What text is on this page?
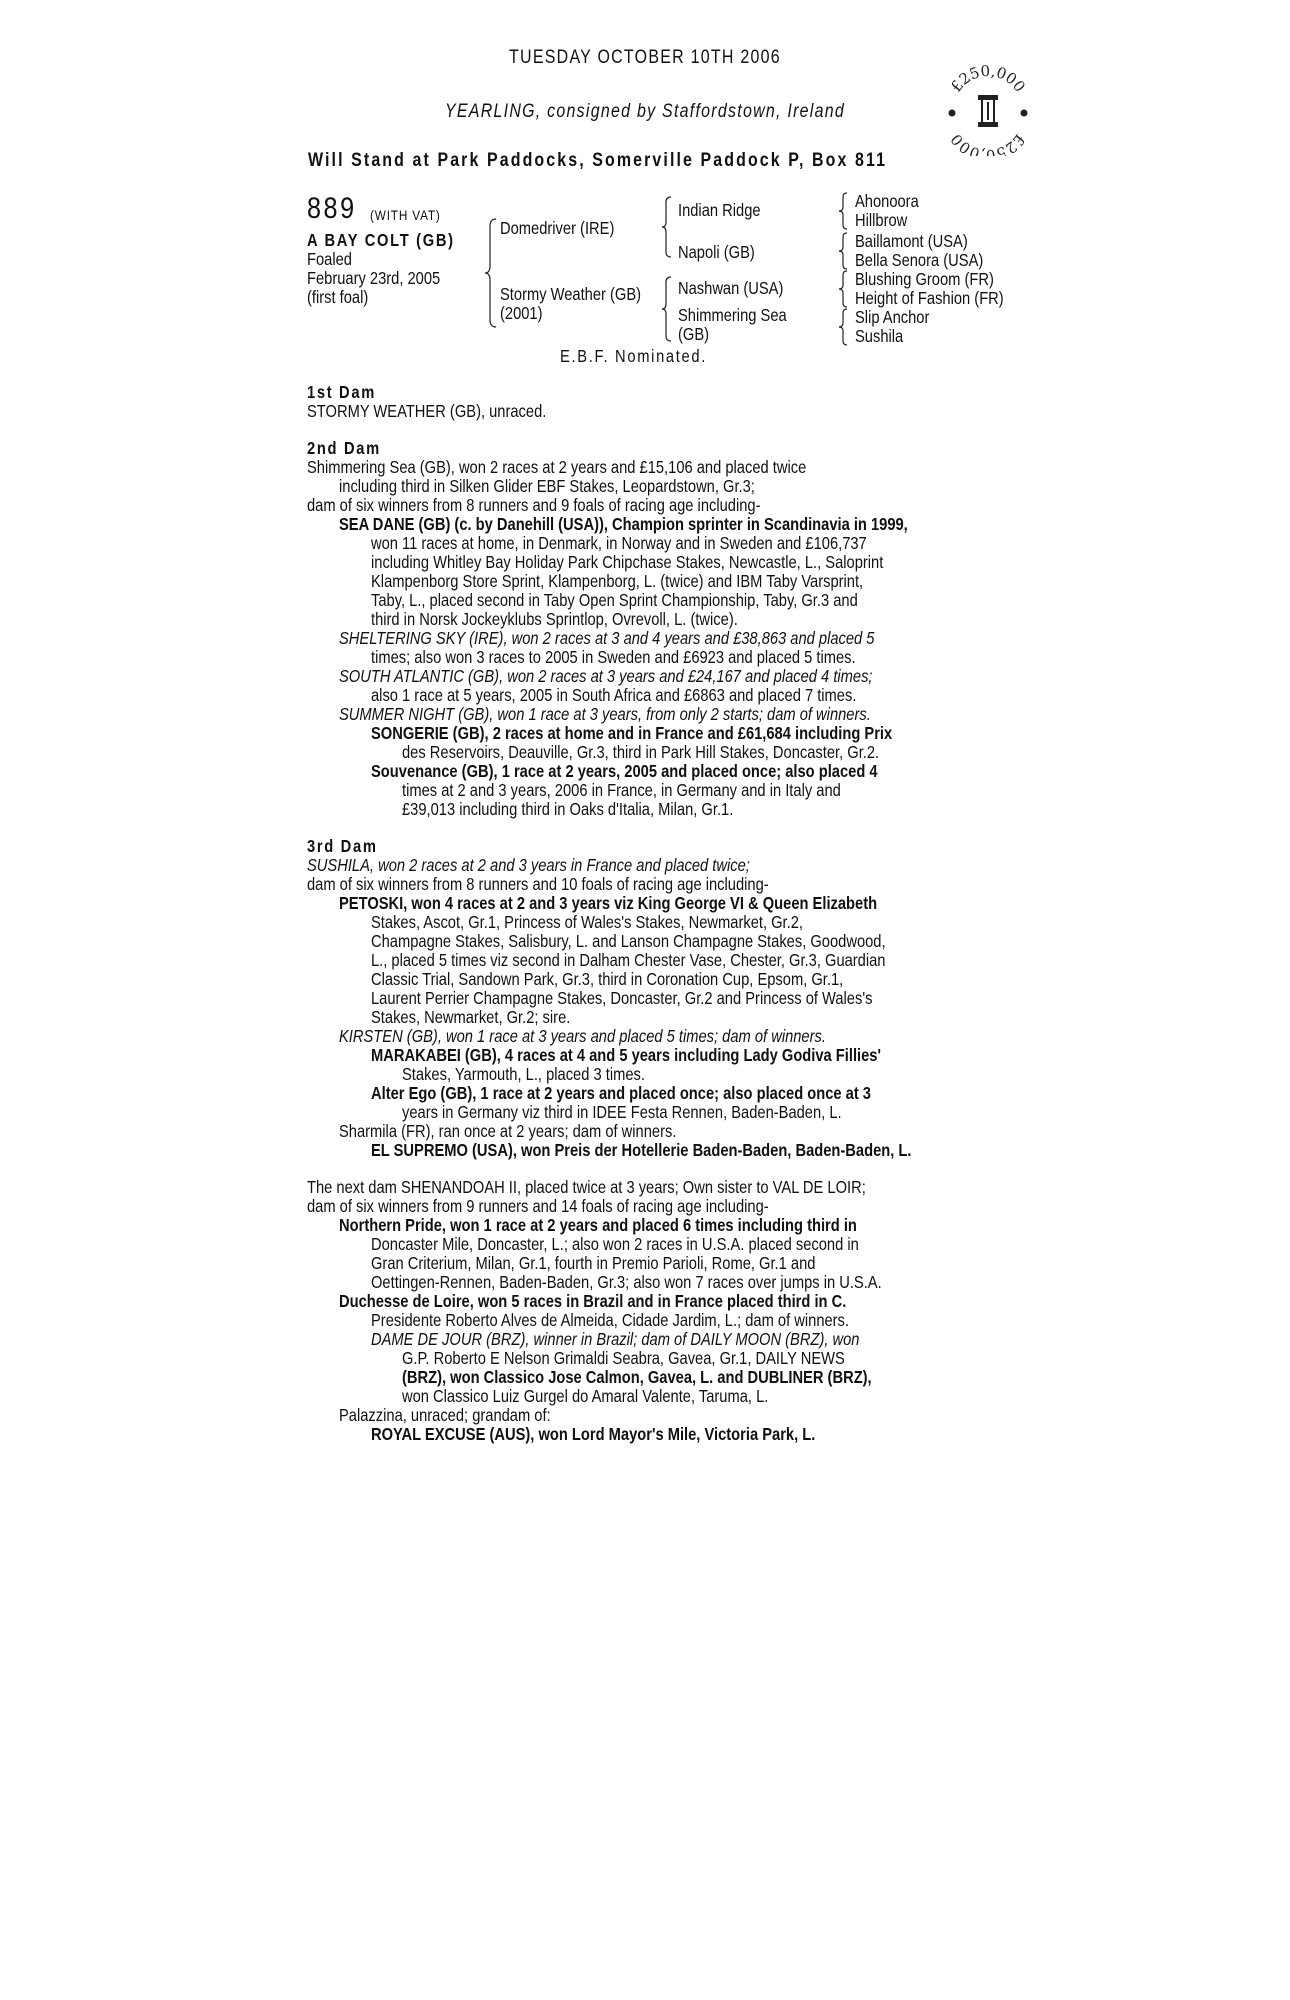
TUESDAY OCTOBER 10TH 2006
YEARLING, consigned by Staffordstown, Ireland
Will Stand at Park Paddocks, Somerville Paddock P, Box 811
£250,000
£250,000
889 (WITH VAT)
A BAY COLT (GB)
Foaled
February 23rd, 2005
(first foal)
Domedriver (IRE)
Stormy Weather (GB)
(2001)
Indian Ridge
Napoli (GB)
Nashwan (USA)
Shimmering Sea
(GB)
Ahonoora
Hillbrow
Baillamont (USA)
Bella Senora (USA)
Blushing Groom (FR)
Height of Fashion (FR)
Slip Anchor
Sushila
E.B.F. Nominated.
1st Dam
STORMY WEATHER (GB), unraced.
2nd Dam
Shimmering Sea (GB), won 2 races at 2 years and £15,106 and placed twice
including third in Silken Glider EBF Stakes, Leopardstown, Gr.3;
dam of six winners from 8 runners and 9 foals of racing age including-
SEA DANE (GB) (c. by Danehill (USA)), Champion sprinter in Scandinavia in 1999,
won 11 races at home, in Denmark, in Norway and in Sweden and £106,737
including Whitley Bay Holiday Park Chipchase Stakes, Newcastle, L., Saloprint
Klampenborg Store Sprint, Klampenborg, L. (twice) and IBM Taby Varsprint,
Taby, L., placed second in Taby Open Sprint Championship, Taby, Gr.3 and
third in Norsk Jockeyklubs Sprintlop, Ovrevoll, L. (twice).
SHELTERING SKY (IRE), won 2 races at 3 and 4 years and £38,863 and placed 5
times; also won 3 races to 2005 in Sweden and £6923 and placed 5 times.
SOUTH ATLANTIC (GB), won 2 races at 3 years and £24,167 and placed 4 times;
also 1 race at 5 years, 2005 in South Africa and £6863 and placed 7 times.
SUMMER NIGHT (GB), won 1 race at 3 years, from only 2 starts; dam of winners.
SONGERIE (GB), 2 races at home and in France and £61,684 including Prix
des Reservoirs, Deauville, Gr.3, third in Park Hill Stakes, Doncaster, Gr.2.
Souvenance (GB), 1 race at 2 years, 2005 and placed once; also placed 4
times at 2 and 3 years, 2006 in France, in Germany and in Italy and
£39,013 including third in Oaks d'Italia, Milan, Gr.1.
3rd Dam
SUSHILA, won 2 races at 2 and 3 years in France and placed twice;
dam of six winners from 8 runners and 10 foals of racing age including-
PETOSKI, won 4 races at 2 and 3 years viz King George VI & Queen Elizabeth
Stakes, Ascot, Gr.1, Princess of Wales's Stakes, Newmarket, Gr.2,
Champagne Stakes, Salisbury, L. and Lanson Champagne Stakes, Goodwood,
L., placed 5 times viz second in Dalham Chester Vase, Chester, Gr.3, Guardian
Classic Trial, Sandown Park, Gr.3, third in Coronation Cup, Epsom, Gr.1,
Laurent Perrier Champagne Stakes, Doncaster, Gr.2 and Princess of Wales's
Stakes, Newmarket, Gr.2; sire.
KIRSTEN (GB), won 1 race at 3 years and placed 5 times; dam of winners.
MARAKABEI (GB), 4 races at 4 and 5 years including Lady Godiva Fillies'
Stakes, Yarmouth, L., placed 3 times.
Alter Ego (GB), 1 race at 2 years and placed once; also placed once at 3
years in Germany viz third in IDEE Festa Rennen, Baden-Baden, L.
Sharmila (FR), ran once at 2 years; dam of winners.
EL SUPREMO (USA), won Preis der Hotellerie Baden-Baden, Baden-Baden, L.
The next dam SHENANDOAH II, placed twice at 3 years; Own sister to VAL DE LOIR;
dam of six winners from 9 runners and 14 foals of racing age including-
Northern Pride, won 1 race at 2 years and placed 6 times including third in
Doncaster Mile, Doncaster, L.; also won 2 races in U.S.A. placed second in
Gran Criterium, Milan, Gr.1, fourth in Premio Parioli, Rome, Gr.1 and
Oettingen-Rennen, Baden-Baden, Gr.3; also won 7 races over jumps in U.S.A.
Duchesse de Loire, won 5 races in Brazil and in France placed third in C.
Presidente Roberto Alves de Almeida, Cidade Jardim, L.; dam of winners.
DAME DE JOUR (BRZ), winner in Brazil; dam of DAILY MOON (BRZ), won
G.P. Roberto E Nelson Grimaldi Seabra, Gavea, Gr.1, DAILY NEWS
(BRZ), won Classico Jose Calmon, Gavea, L. and DUBLINER (BRZ),
won Classico Luiz Gurgel do Amaral Valente, Taruma, L.
Palazzina, unraced; grandam of:
ROYAL EXCUSE (AUS), won Lord Mayor's Mile, Victoria Park, L.
